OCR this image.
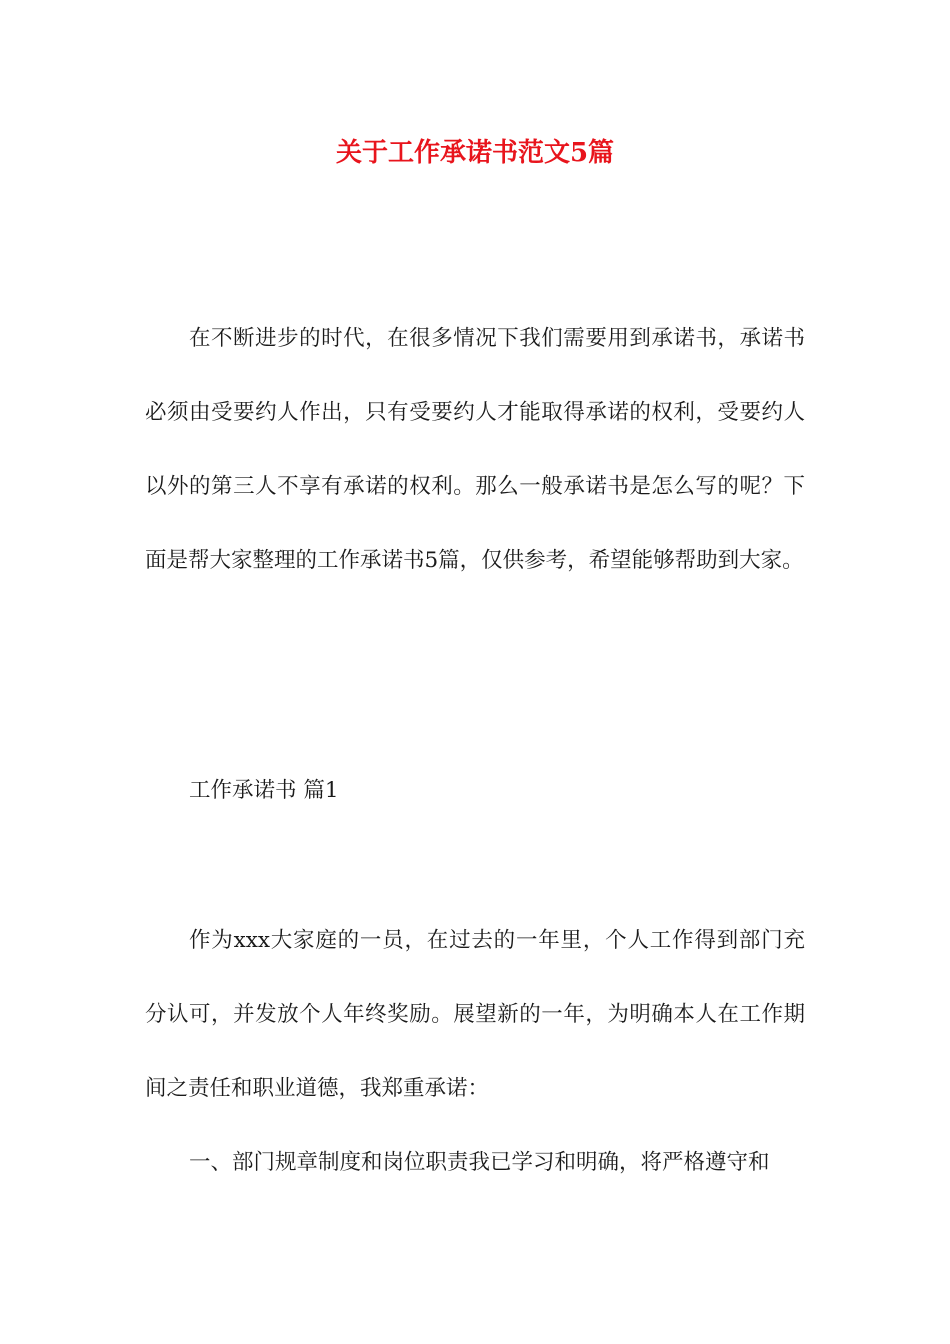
关于工作承诺书范文5篇

在不断进步的时代，在很多情况下我们需要用到承诺书，承诺书必须由受要约人作出，只有受要约人才能取得承诺的权利，受要约人以外的第三人不享有承诺的权利。那么一般承诺书是怎么写的呢？下面是帮大家整理的工作承诺书5篇，仅供参考，希望能够帮助到大家。

工作承诺书 篇1

作为xxx大家庭的一员，在过去的一年里，个人工作得到部门充分认可，并发放个人年终奖励。展望新的一年，为明确本人在工作期间之责任和职业道德，我郑重承诺：

一、部门规章制度和岗位职责我已学习和明确，将严格遵守和
